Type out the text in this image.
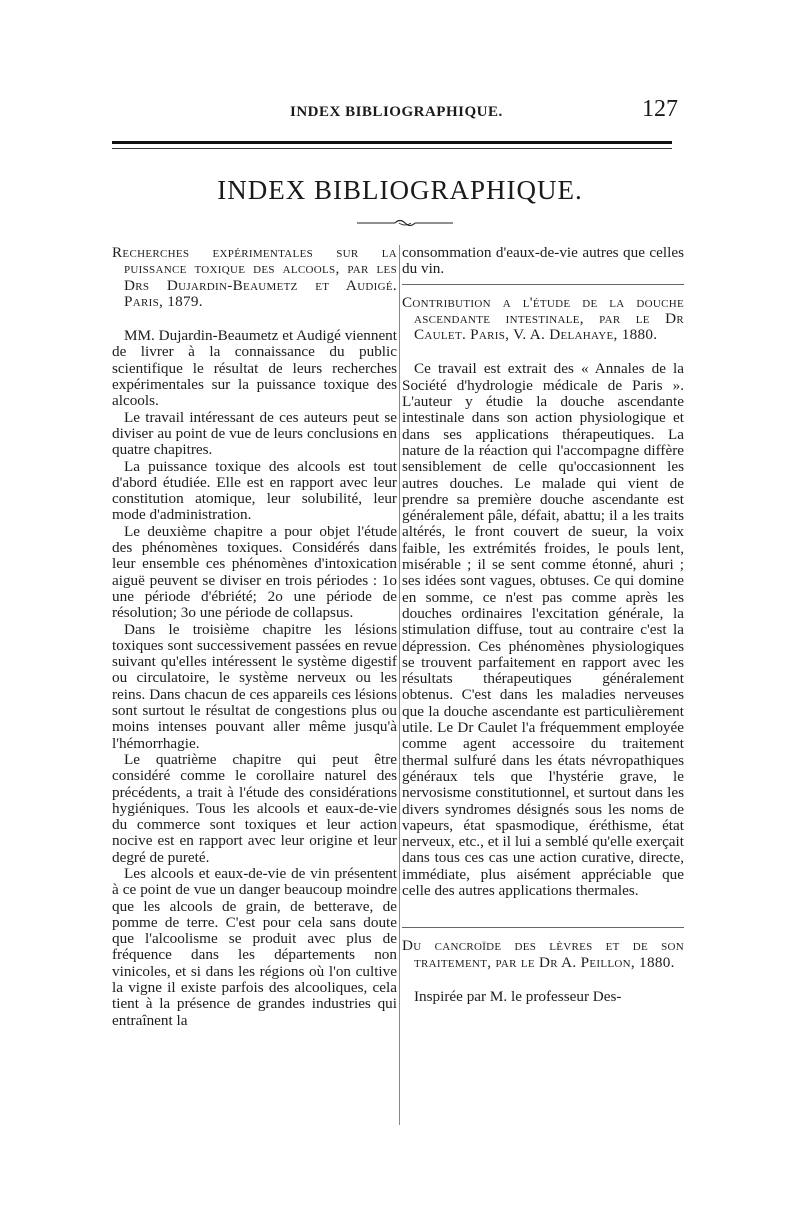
INDEX BIBLIOGRAPHIQUE.	127
INDEX BIBLIOGRAPHIQUE.

Recherches expérimentales sur la puissance toxique des alcools, par les Drs Dujardin-Beaumetz et Audigé. Paris, 1879.

MM. Dujardin-Beaumetz et Audigé viennent de livrer à la connaissance du public scientifique le résultat de leurs recherches expérimentales sur la puissance toxique des alcools.

Le travail intéressant de ces auteurs peut se diviser au point de vue de leurs conclusions en quatre chapitres.

La puissance toxique des alcools est tout d'abord étudiée. Elle est en rapport avec leur constitution atomique, leur solubilité, leur mode d'administration.

Le deuxième chapitre a pour objet l'étude des phénomènes toxiques. Considérés dans leur ensemble ces phénomènes d'intoxication aiguë peuvent se diviser en trois périodes : 1o une période d'ébriété; 2o une période de résolution; 3o une période de collapsus.

Dans le troisième chapitre les lésions toxiques sont successivement passées en revue suivant qu'elles intéressent le système digestif ou circulatoire, le système nerveux ou les reins. Dans chacun de ces appareils ces lésions sont surtout le résultat de congestions plus ou moins intenses pouvant aller même jusqu'à l'hémorrhagie.

Le quatrième chapitre qui peut être considéré comme le corollaire naturel des précédents, a trait à l'étude des considérations hygiéniques. Tous les alcools et eaux-de-vie du commerce sont toxiques et leur action nocive est en rapport avec leur origine et leur degré de pureté.

Les alcools et eaux-de-vie de vin présentent à ce point de vue un danger beaucoup moindre que les alcools de grain, de betterave, de pomme de terre. C'est pour cela sans doute que l'alcoolisme se produit avec plus de fréquence dans les départements non vinicoles, et si dans les régions où l'on cultive la vigne il existe parfois des alcooliques, cela tient à la présence de grandes industries qui entraînent la

consommation d'eaux-de-vie autres que celles du vin.

Contribution a l'étude de la douche ascendante intestinale, par le Dr Caulet. Paris, V. A. Delahaye, 1880.

Ce travail est extrait des « Annales de la Société d'hydrologie médicale de Paris ». L'auteur y étudie la douche ascendante intestinale dans son action physiologique et dans ses applications thérapeutiques. La nature de la réaction qui l'accompagne diffère sensiblement de celle qu'occasionnent les autres douches. Le malade qui vient de prendre sa première douche ascendante est généralement pâle, défait, abattu; il a les traits altérés, le front couvert de sueur, la voix faible, les extrémités froides, le pouls lent, misérable ; il se sent comme étonné, ahuri ; ses idées sont vagues, obtuses. Ce qui domine en somme, ce n'est pas comme après les douches ordinaires l'excitation générale, la stimulation diffuse, tout au contraire c'est la dépression. Ces phénomènes physiologiques se trouvent parfaitement en rapport avec les résultats thérapeutiques généralement obtenus. C'est dans les maladies nerveuses que la douche ascendante est particulièrement utile. Le Dr Caulet l'a fréquemment employée comme agent accessoire du traitement thermal sulfuré dans les états névropathiques généraux tels que l'hystérie grave, le nervosisme constitutionnel, et surtout dans les divers syndromes désignés sous les noms de vapeurs, état spasmodique, éréthisme, état nerveux, etc., et il lui a semblé qu'elle exerçait dans tous ces cas une action curative, directe, immédiate, plus aisément appréciable que celle des autres applications thermales.

Du cancroïde des lèvres et de son traitement, par le Dr A. Peillon, 1880.

Inspirée par M. le professeur Des-
